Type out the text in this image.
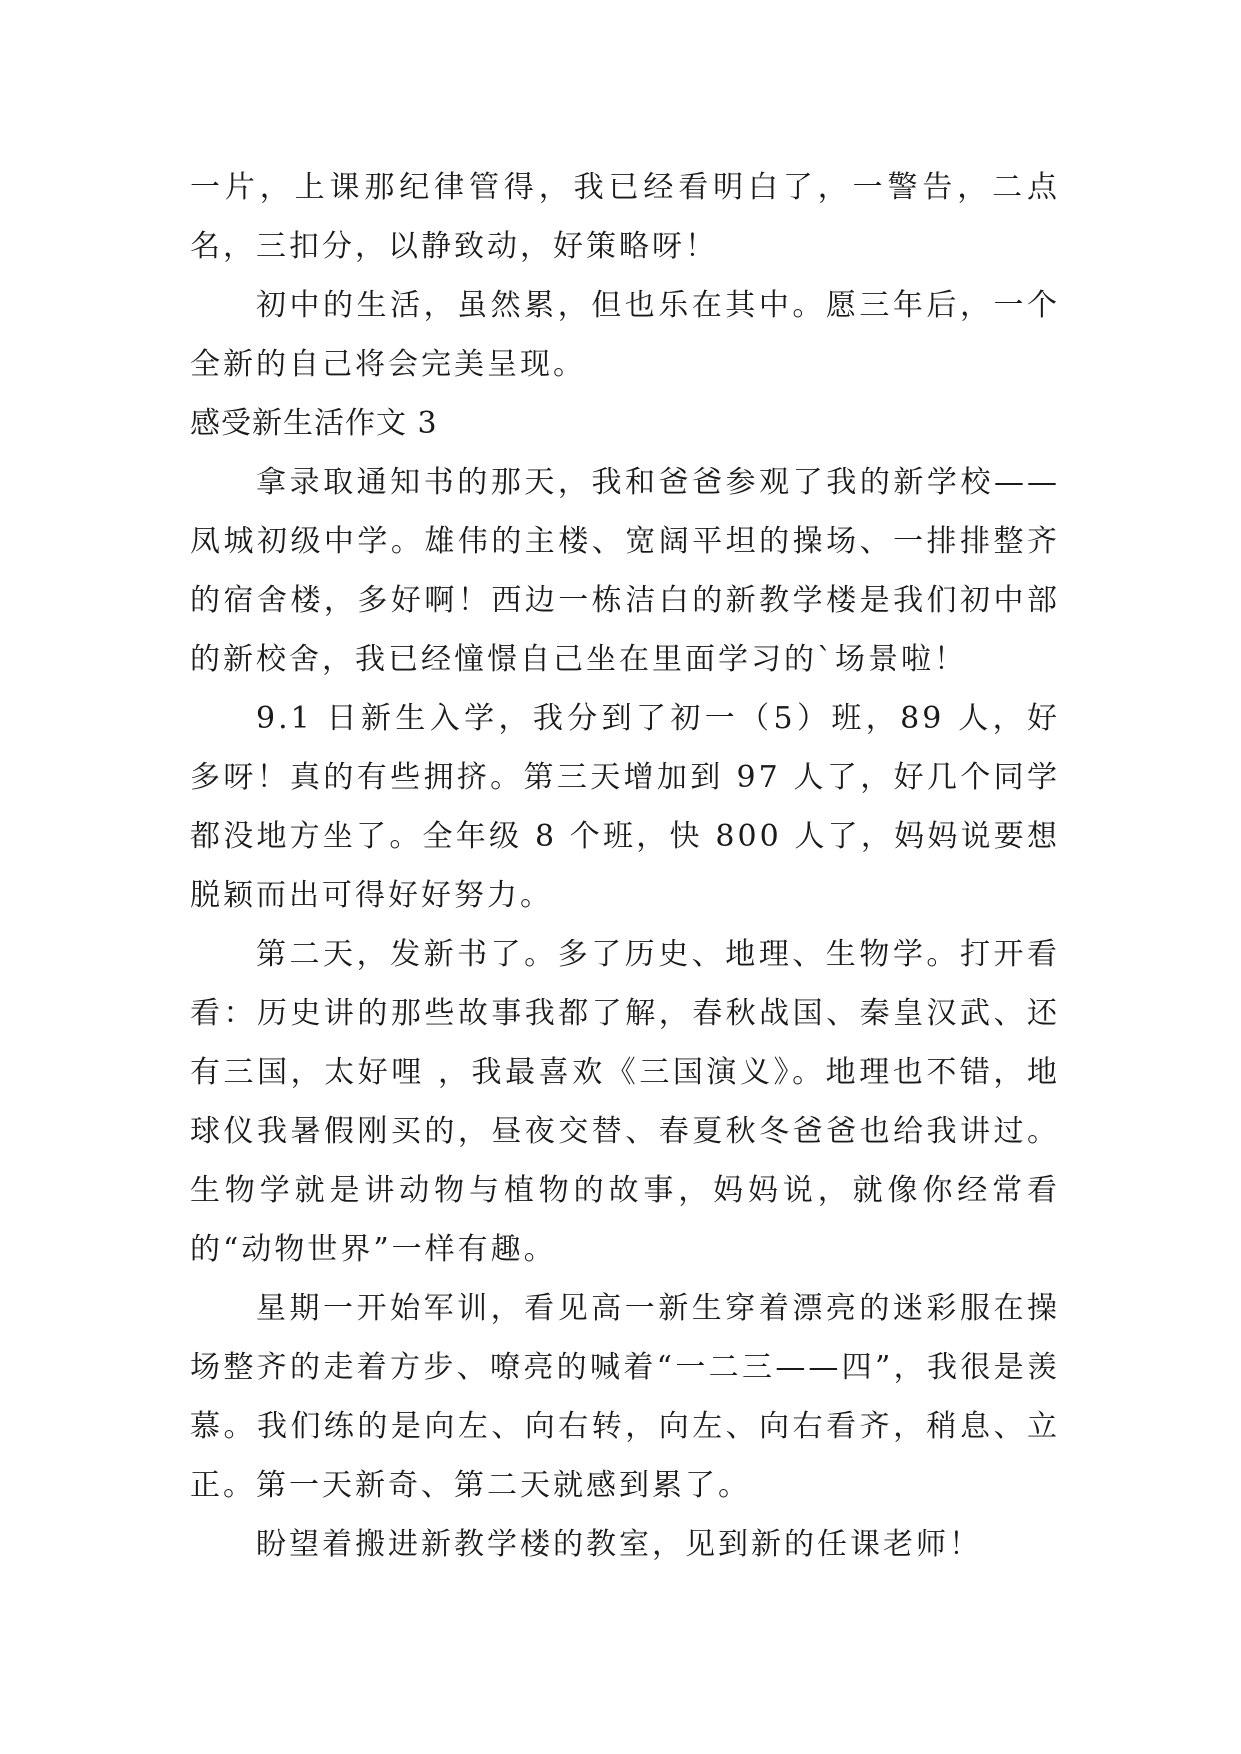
一片，上课那纪律管得，我已经看明白了，一警告，二点名，三扣分，以静致动，好策略呀！

初中的生活，虽然累，但也乐在其中。愿三年后，一个全新的自己将会完美呈现。

感受新生活作文 3

拿录取通知书的那天，我和爸爸参观了我的新学校——凤城初级中学。雄伟的主楼、宽阔平坦的操场、一排排整齐的宿舍楼，多好啊！西边一栋洁白的新教学楼是我们初中部的新校舍，我已经憧憬自己坐在里面学习的`场景啦！

9.1 日新生入学，我分到了初一（5）班，89 人，好多呀！真的有些拥挤。第三天增加到 97 人了，好几个同学都没地方坐了。全年级 8 个班，快 800 人了，妈妈说要想脱颖而出可得好好努力。

第二天，发新书了。多了历史、地理、生物学。打开看看：历史讲的那些故事我都了解，春秋战国、秦皇汉武、还有三国，太好哩 ，我最喜欢《三国演义》。地理也不错，地球仪我暑假刚买的，昼夜交替、春夏秋冬爸爸也给我讲过。生物学就是讲动物与植物的故事，妈妈说，就像你经常看的“动物世界”一样有趣。

星期一开始军训，看见高一新生穿着漂亮的迷彩服在操场整齐的走着方步、嘹亮的喊着“一二三——四”，我很是羡慕。我们练的是向左、向右转，向左、向右看齐，稍息、立正。第一天新奇、第二天就感到累了。

盼望着搬进新教学楼的教室，见到新的任课老师！
